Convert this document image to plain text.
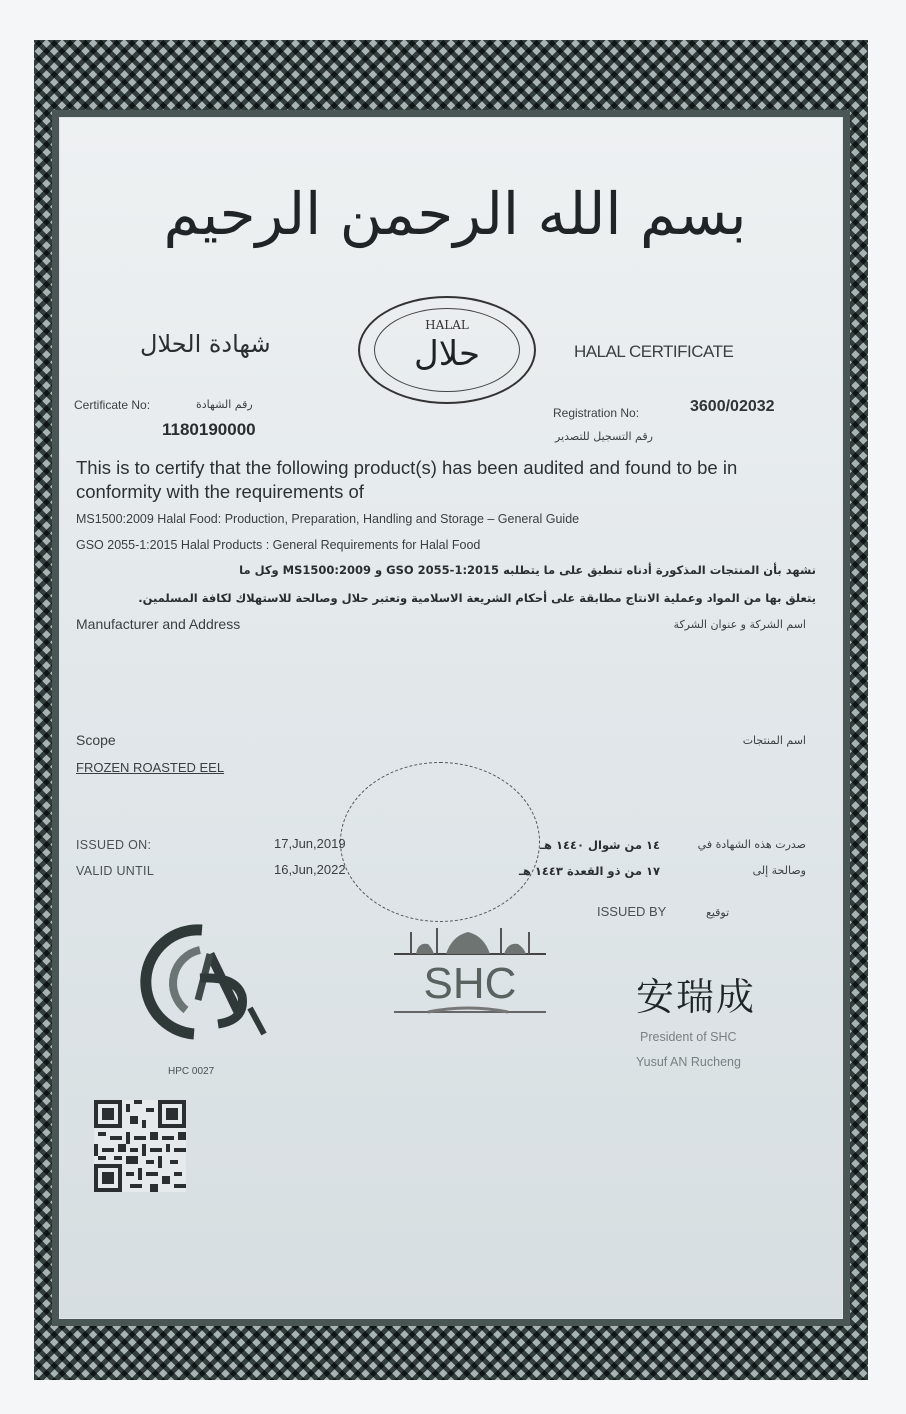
بسم الله الرحمن الرحيم
شهادة الحلال
HALAL
حلال	HALAL CERTIFICATE
Certificate No:	رقم الشهادة
1180190000
Registration No:	3600/02032
رقم التسجيل للتصدير
This is to certify that the following product(s) has been audited and found to be in conformity with the requirements of
MS1500:2009 Halal Food: Production, Preparation, Handling and Storage – General Guide
GSO 2055-1:2015 Halal Products : General Requirements for Halal Food
نشهد بأن المنتجات المذكورة أدناه تنطبق على ما يتطلبه GSO 2055-1:2015 و MS1500:2009 وكل ما
يتعلق بها من المواد وعملية الانتاج مطابقة على أحكام الشريعة الاسلامية وتعتبر حلال وصالحة للاستهلاك لكافة المسلمين.
Manufacturer and Address	اسم الشركة و عنوان الشركة
Scope	اسم المنتجات
FROZEN ROASTED EEL
ISSUED ON:	17,Jun,2019	١٤ من شوال ١٤٤٠ هـ	صدرت هذه الشهادة في
VALID UNTIL	16,Jun,2022	١٧ من ذو القعدة ١٤٤٣ هـ	وصالحة إلى
ISSUED BY	توقيع
HPC 0027
SHC	安瑞成
President of SHC
Yusuf AN Rucheng
